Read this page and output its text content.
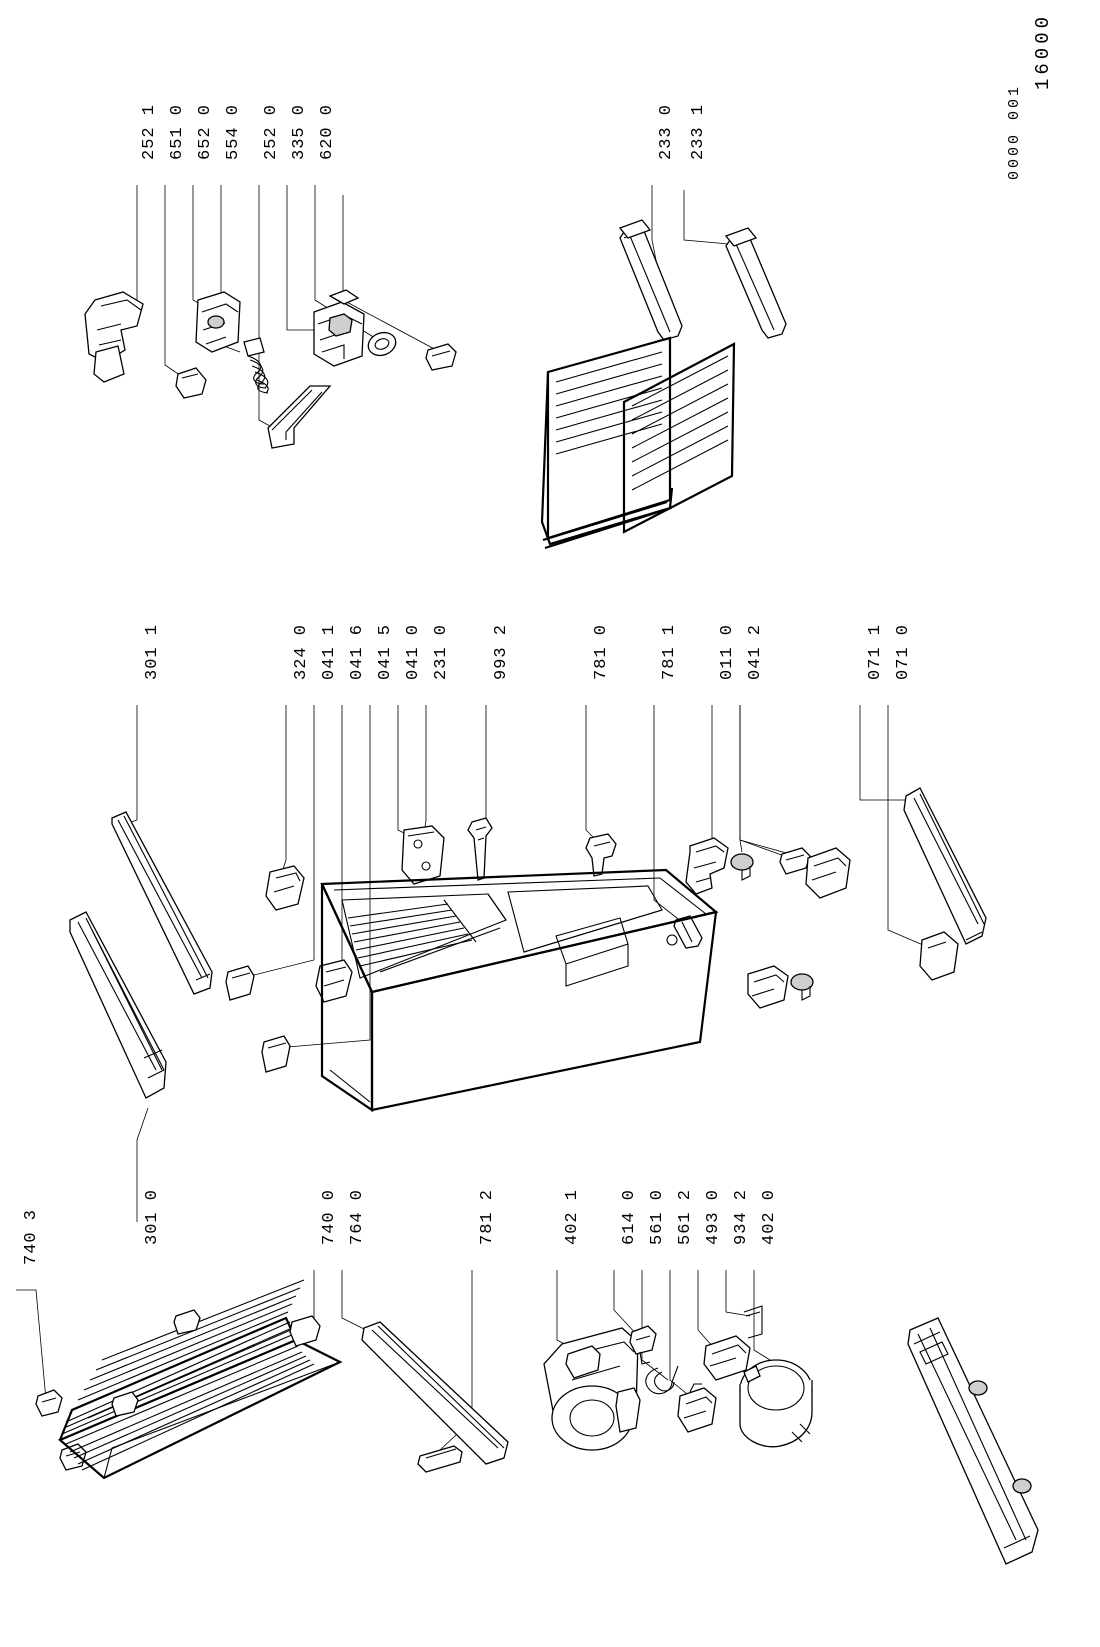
252 1 651 0 652 0 554 0 252 0 335 0 620 0	233 0 233 1
301 1	324 0 041 1 041 6 041 5 041 0 231 0 993 2	781 0	781 1 011 0 041 2	071 1 071 0
301 0
740 3	740 0 764 0	781 2	402 1 614 0 561 0 561 2 493 0 934 2 402 0
0000 001
16000
